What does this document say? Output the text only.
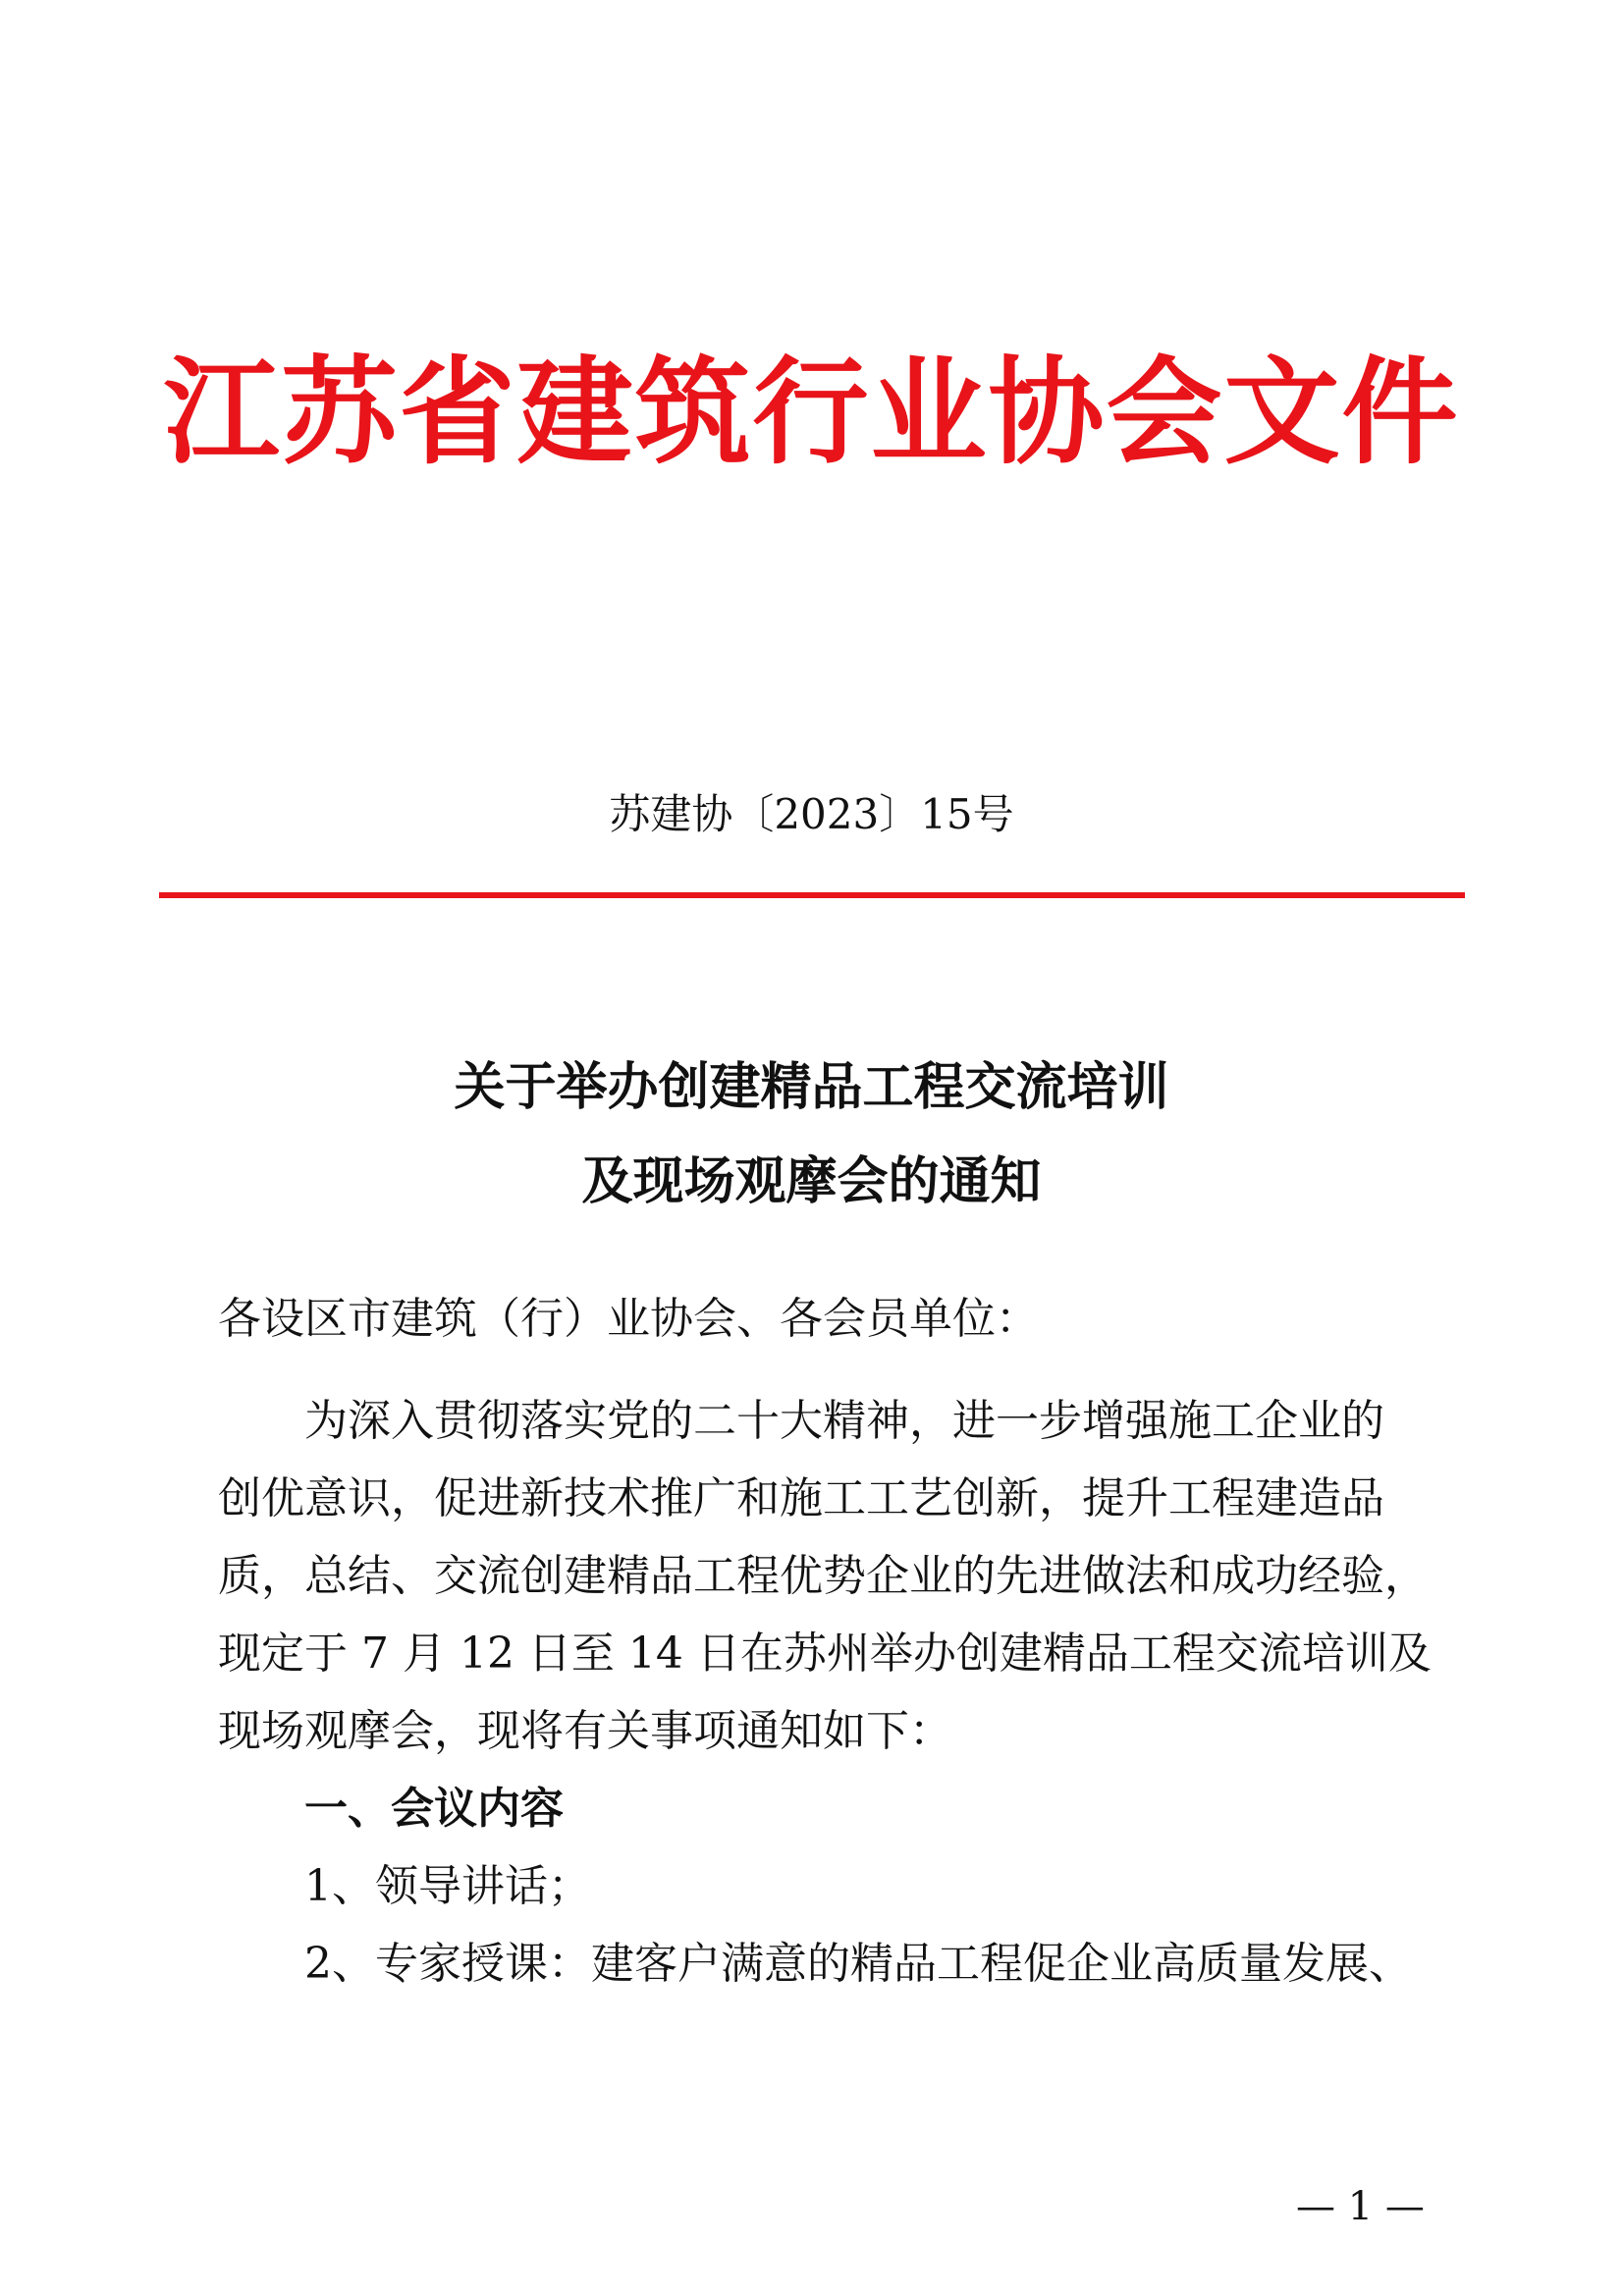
江苏省建筑行业协会文件
苏建协〔2023〕15号
关于举办创建精品工程交流培训
及现场观摩会的通知
各设区市建筑（行）业协会、各会员单位：
为深入贯彻落实党的二十大精神，进一步增强施工企业的
创优意识，促进新技术推广和施工工艺创新，提升工程建造品
质，总结、交流创建精品工程优势企业的先进做法和成功经验，
现定于 7 月 12 日至 14 日在苏州举办创建精品工程交流培训及
现场观摩会，现将有关事项通知如下：
一、会议内容
1、领导讲话；
2、专家授课：建客户满意的精品工程促企业高质量发展、
— 1 —
